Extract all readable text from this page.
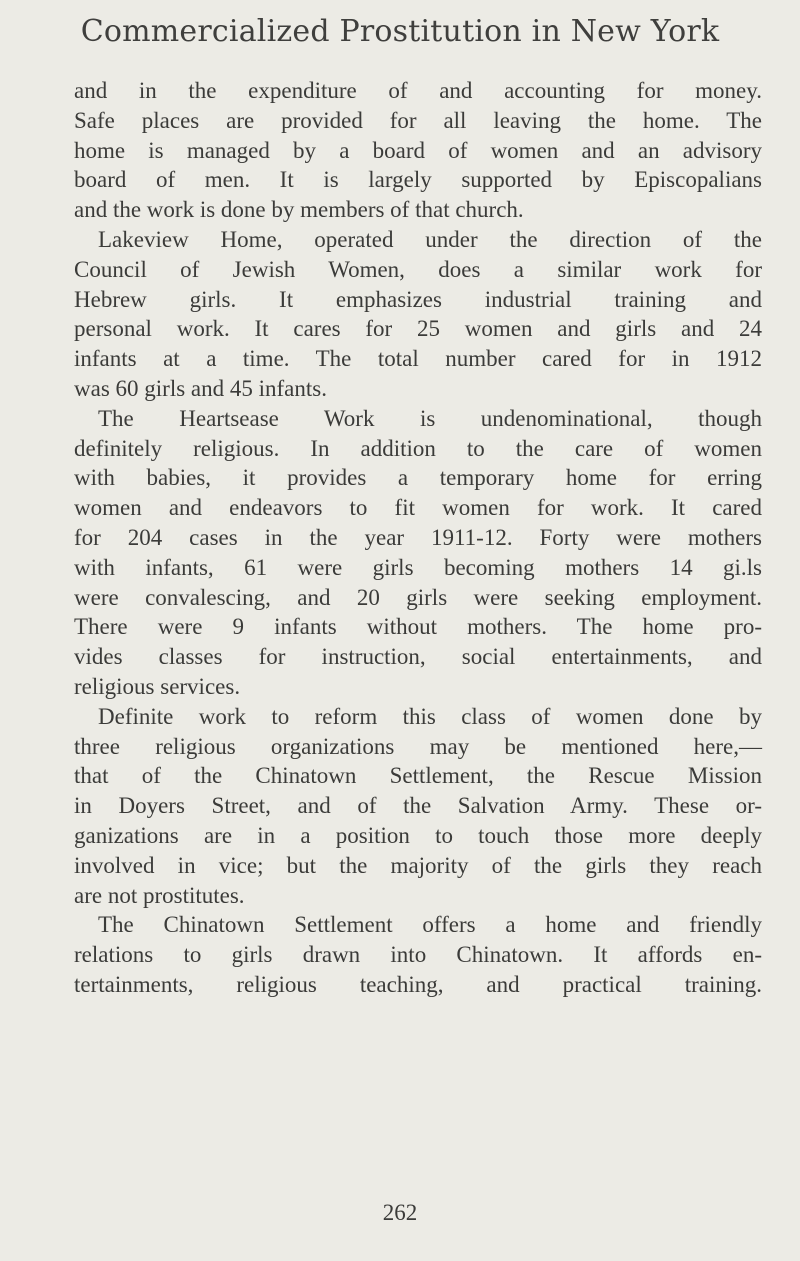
Commercialized Prostitution in New York
and in the expenditure of and accounting for money.
Safe places are provided for all leaving the home. The
home is managed by a board of women and an advisory
board of men. It is largely supported by Episcopalians
and the work is done by members of that church.
Lakeview Home, operated under the direction of the
Council of Jewish Women, does a similar work for
Hebrew girls. It emphasizes industrial training and
personal work. It cares for 25 women and girls and 24
infants at a time. The total number cared for in 1912
was 60 girls and 45 infants.
The Heartsease Work is undenominational, though
definitely religious. In addition to the care of women
with babies, it provides a temporary home for erring
women and endeavors to fit women for work. It cared
for 204 cases in the year 1911-12. Forty were mothers
with infants, 61 were girls becoming mothers 14 gi.ls
were convalescing, and 20 girls were seeking employment.
There were 9 infants without mothers. The home pro-
vides classes for instruction, social entertainments, and
religious services.
Definite work to reform this class of women done by
three religious organizations may be mentioned here,—
that of the Chinatown Settlement, the Rescue Mission
in Doyers Street, and of the Salvation Army. These or-
ganizations are in a position to touch those more deeply
involved in vice; but the majority of the girls they reach
are not prostitutes.
The Chinatown Settlement offers a home and friendly
relations to girls drawn into Chinatown. It affords en-
tertainments, religious teaching, and practical training.
262
